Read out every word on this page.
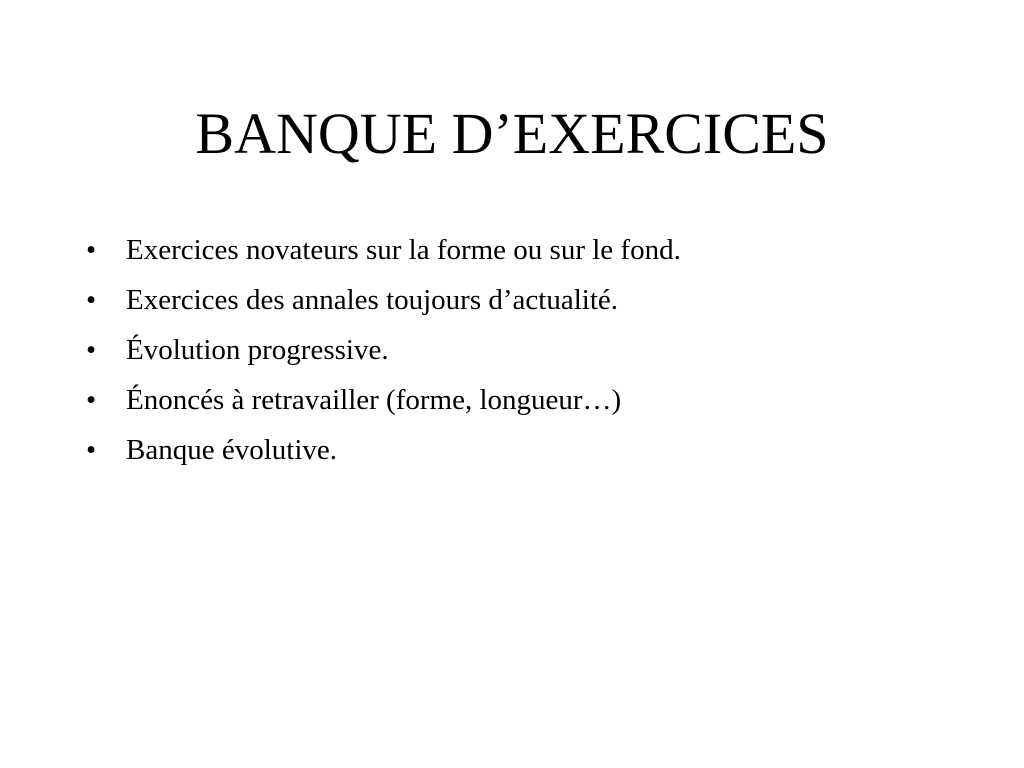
BANQUE D’EXERCICES
•	Exercices novateurs sur la forme ou sur le fond.
•	Exercices des annales toujours d’actualité.
•	Évolution progressive.
•	Énoncés à retravailler (forme, longueur…)
•	Banque évolutive.
